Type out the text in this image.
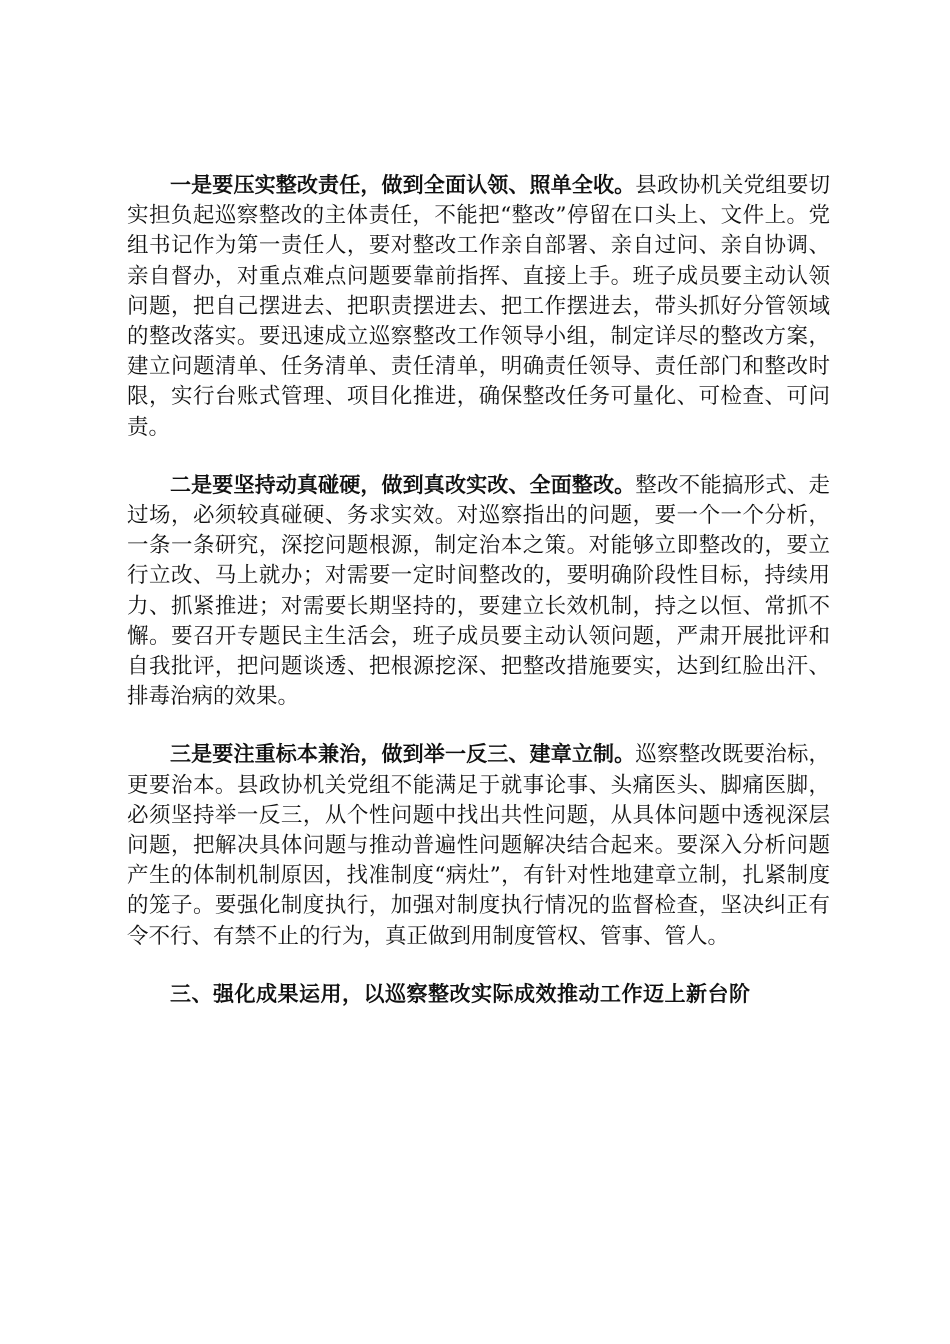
一是要压实整改责任，做到全面认领、照单全收。县政协机关党组要切实担负起巡察整改的主体责任，不能把“整改”停留在口头上、文件上。党组书记作为第一责任人，要对整改工作亲自部署、亲自过问、亲自协调、亲自督办，对重点难点问题要靠前指挥、直接上手。班子成员要主动认领问题，把自己摆进去、把职责摆进去、把工作摆进去，带头抓好分管领域的整改落实。要迅速成立巡察整改工作领导小组，制定详尽的整改方案，建立问题清单、任务清单、责任清单，明确责任领导、责任部门和整改时限，实行台账式管理、项目化推进，确保整改任务可量化、可检查、可问责。

二是要坚持动真碰硬，做到真改实改、全面整改。整改不能搞形式、走过场，必须较真碰硬、务求实效。对巡察指出的问题，要一个一个分析，一条一条研究，深挖问题根源，制定治本之策。对能够立即整改的，要立行立改、马上就办；对需要一定时间整改的，要明确阶段性目标，持续用力、抓紧推进；对需要长期坚持的，要建立长效机制，持之以恒、常抓不懈。要召开专题民主生活会，班子成员要主动认领问题，严肃开展批评和自我批评，把问题谈透、把根源挖深、把整改措施要实，达到红脸出汗、排毒治病的效果。

三是要注重标本兼治，做到举一反三、建章立制。巡察整改既要治标，更要治本。县政协机关党组不能满足于就事论事、头痛医头、脚痛医脚，必须坚持举一反三，从个性问题中找出共性问题，从具体问题中透视深层问题，把解决具体问题与推动普遍性问题解决结合起来。要深入分析问题产生的体制机制原因，找准制度“病灶”，有针对性地建章立制，扎紧制度的笼子。要强化制度执行，加强对制度执行情况的监督检查，坚决纠正有令不行、有禁不止的行为，真正做到用制度管权、管事、管人。

三、强化成果运用，以巡察整改实际成效推动工作迈上新台阶
